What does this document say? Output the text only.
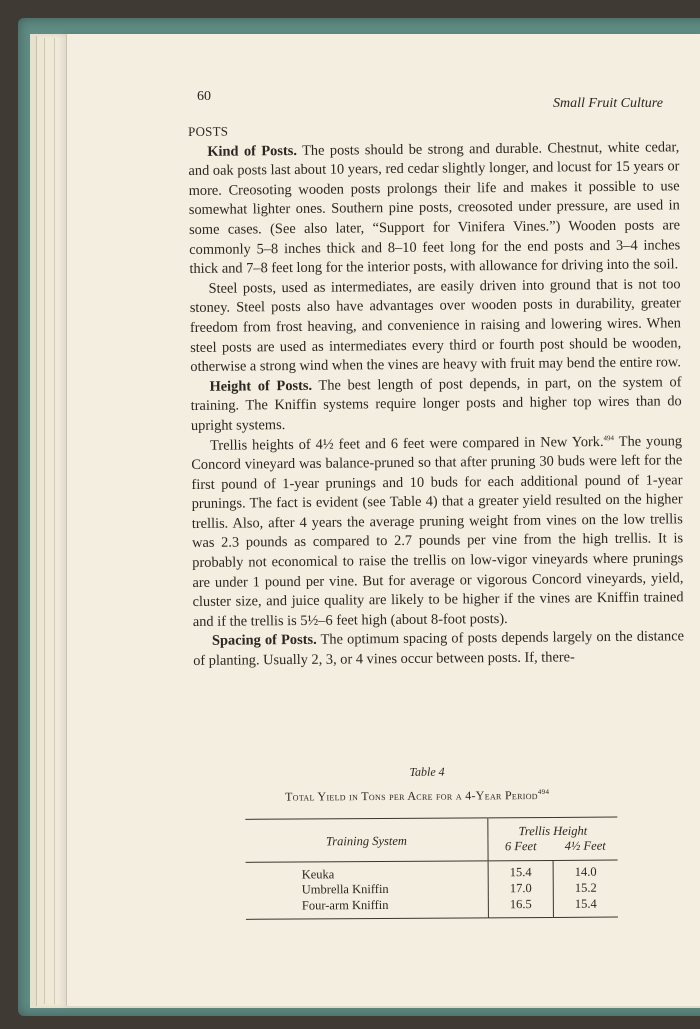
60	Small Fruit Culture
POSTS

Kind of Posts. The posts should be strong and durable. Chestnut, white cedar, and oak posts last about 10 years, red cedar slightly longer, and locust for 15 years or more. Creosoting wooden posts prolongs their life and makes it possible to use somewhat lighter ones. Southern pine posts, creosoted under pressure, are used in some cases. (See also later, “Support for Vinifera Vines.”) Wooden posts are commonly 5–8 inches thick and 8–10 feet long for the end posts and 3–4 inches thick and 7–8 feet long for the interior posts, with allowance for driving into the soil.

Steel posts, used as intermediates, are easily driven into ground that is not too stoney. Steel posts also have advantages over wooden posts in durability, greater freedom from frost heaving, and convenience in raising and lowering wires. When steel posts are used as intermediates every third or fourth post should be wooden, otherwise a strong wind when the vines are heavy with fruit may bend the entire row.

Height of Posts. The best length of post depends, in part, on the system of training. The Kniffin systems require longer posts and higher top wires than do upright systems.

Trellis heights of 4½ feet and 6 feet were compared in New York.$^{494}$ The young Concord vineyard was balance-pruned so that after pruning 30 buds were left for the first pound of 1-year prunings and 10 buds for each additional pound of 1-year prunings. The fact is evident (see Table 4) that a greater yield resulted on the higher trellis. Also, after 4 years the average pruning weight from vines on the low trellis was 2.3 pounds as compared to 2.7 pounds per vine from the high trellis. It is probably not economical to raise the trellis on low-vigor vineyards where prunings are under 1 pound per vine. But for average or vigorous Concord vineyards, yield, cluster size, and juice quality are likely to be higher if the vines are Kniffin trained and if the trellis is 5½–6 feet high (about 8-foot posts).

Spacing of Posts. The optimum spacing of posts depends largely on the distance of planting. Usually 2, 3, or 4 vines occur between posts. If, there-

Table 4
Total Yield in Tons per Acre for a 4-Year Period$^{494}$
Training System	Trellis Height	
	6 Feet	4½ Feet
Keuka	15.4	14.0
Umbrella Kniffin	17.0	15.2
Four-arm Kniffin	16.5	15.4
